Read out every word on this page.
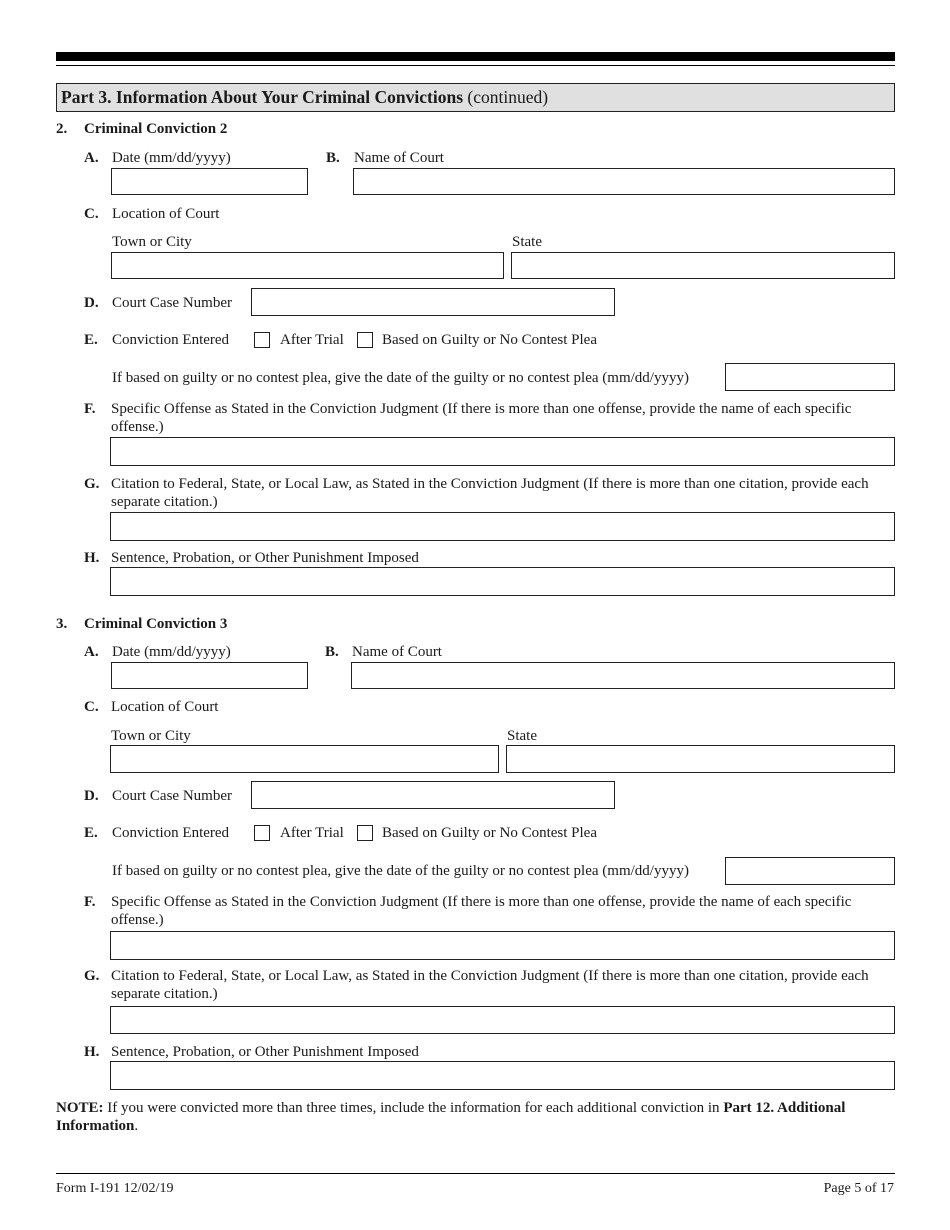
Part 3. Information About Your Criminal Convictions (continued)
2. Criminal Conviction 2
A. Date (mm/dd/yyyy)	B. Name of Court
C. Location of Court
Town or City	State
D. Court Case Number
E. Conviction Entered	After Trial	Based on Guilty or No Contest Plea
If based on guilty or no contest plea, give the date of the guilty or no contest plea (mm/dd/yyyy)
F. Specific Offense as Stated in the Conviction Judgment (If there is more than one offense, provide the name of each specific offense.)
G. Citation to Federal, State, or Local Law, as Stated in the Conviction Judgment (If there is more than one citation, provide each separate citation.)
H. Sentence, Probation, or Other Punishment Imposed
3. Criminal Conviction 3
A. Date (mm/dd/yyyy)	B. Name of Court
C. Location of Court
Town or City	State
D. Court Case Number
E. Conviction Entered	After Trial	Based on Guilty or No Contest Plea
If based on guilty or no contest plea, give the date of the guilty or no contest plea (mm/dd/yyyy)
F. Specific Offense as Stated in the Conviction Judgment (If there is more than one offense, provide the name of each specific offense.)
G. Citation to Federal, State, or Local Law, as Stated in the Conviction Judgment (If there is more than one citation, provide each separate citation.)
H. Sentence, Probation, or Other Punishment Imposed
NOTE: If you were convicted more than three times, include the information for each additional conviction in Part 12. Additional Information.
Form I-191 12/02/19	Page 5 of 17
